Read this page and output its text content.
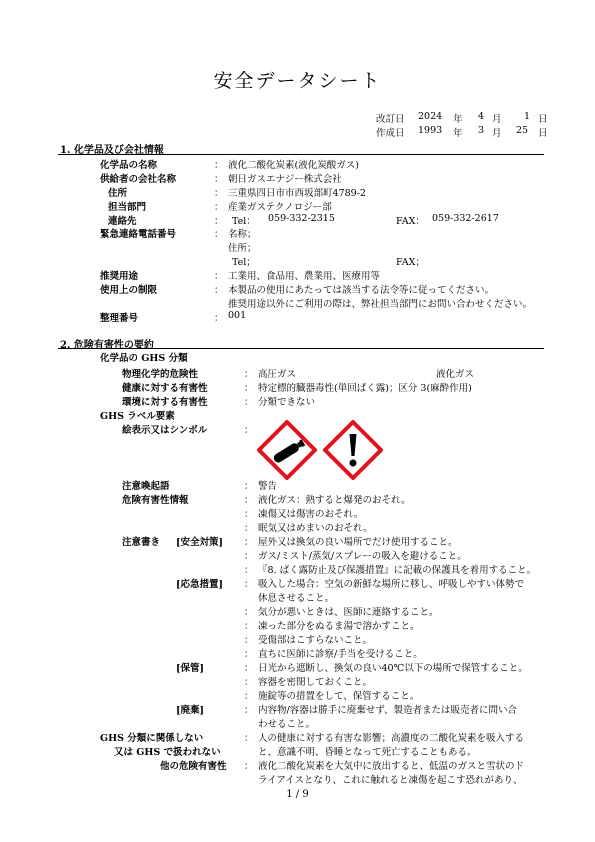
安全データシート
改訂日 2024 年 4 月 1 日
作成日 1993 年 3 月 25 日
1. 化学品及び会社情報
化学品の名称	： 液化二酸化炭素(液化炭酸ガス)
供給者の会社名称	： 朝日ガスエナジー株式会社
住所	： 三重県四日市市西坂部町4789-2
担当部門	： 産業ガステクノロジー部
連絡先	： Tel： 059-332-2315	FAX： 059-332-2617
緊急連絡電話番号	： 名称；
住所；
Tel；	FAX；
推奨用途	： 工業用、食品用、農業用、医療用等
使用上の制限	： 本製品の使用にあたっては該当する法令等に従ってください。
推奨用途以外にご利用の際は、弊社担当部門にお問い合わせください。
整理番号	： 001
2. 危険有害性の要約
化学品の GHS 分類
物理化学的危険性	： 高圧ガス	液化ガス
健康に対する有害性	： 特定標的臓器毒性(単回ばく露)；区分 3(麻酔作用)
環境に対する有害性	： 分類できない
GHS ラベル要素
絵表示又はシンボル	：
注意喚起語	： 警告
危険有害性情報	： 液化ガス：熱すると爆発のおそれ。
： 凍傷又は傷害のおそれ。
： 眠気又はめまいのおそれ。
注意書き [安全対策] ： 屋外又は換気の良い場所でだけ使用すること。
： ガス/ミスト/蒸気/スプレーの吸入を避けること。
： 『8. ばく露防止及び保護措置』に記載の保護具を着用すること。
[応急措置] ： 吸入した場合：空気の新鮮な場所に移し、呼吸しやすい体勢で
休息させること。
： 気分が悪いときは、医師に連絡すること。
： 凍った部分をぬるま湯で溶かすこと。
： 受傷部はこすらないこと。
： 直ちに医師に診察/手当を受けること。
[保管]	： 日光から遮断し、換気の良い40℃以下の場所で保管すること。
： 容器を密閉しておくこと。
： 施錠等の措置をして、保管すること。
[廃棄]	： 内容物/容器は勝手に廃棄せず、製造者または販売者に問い合
わせること。
GHS 分類に関係しない
又は GHS で扱われない
： 人の健康に対する有害な影響；高濃度の二酸化炭素を吸入する
と、意識不明、昏睡となって死亡することもある。
他の危険有害性 ： 液化二酸化炭素を大気中に放出すると、低温のガスと雪状のド
ライアイスとなり、これに触れると凍傷を起こす恐れがあり、
1 / 9
